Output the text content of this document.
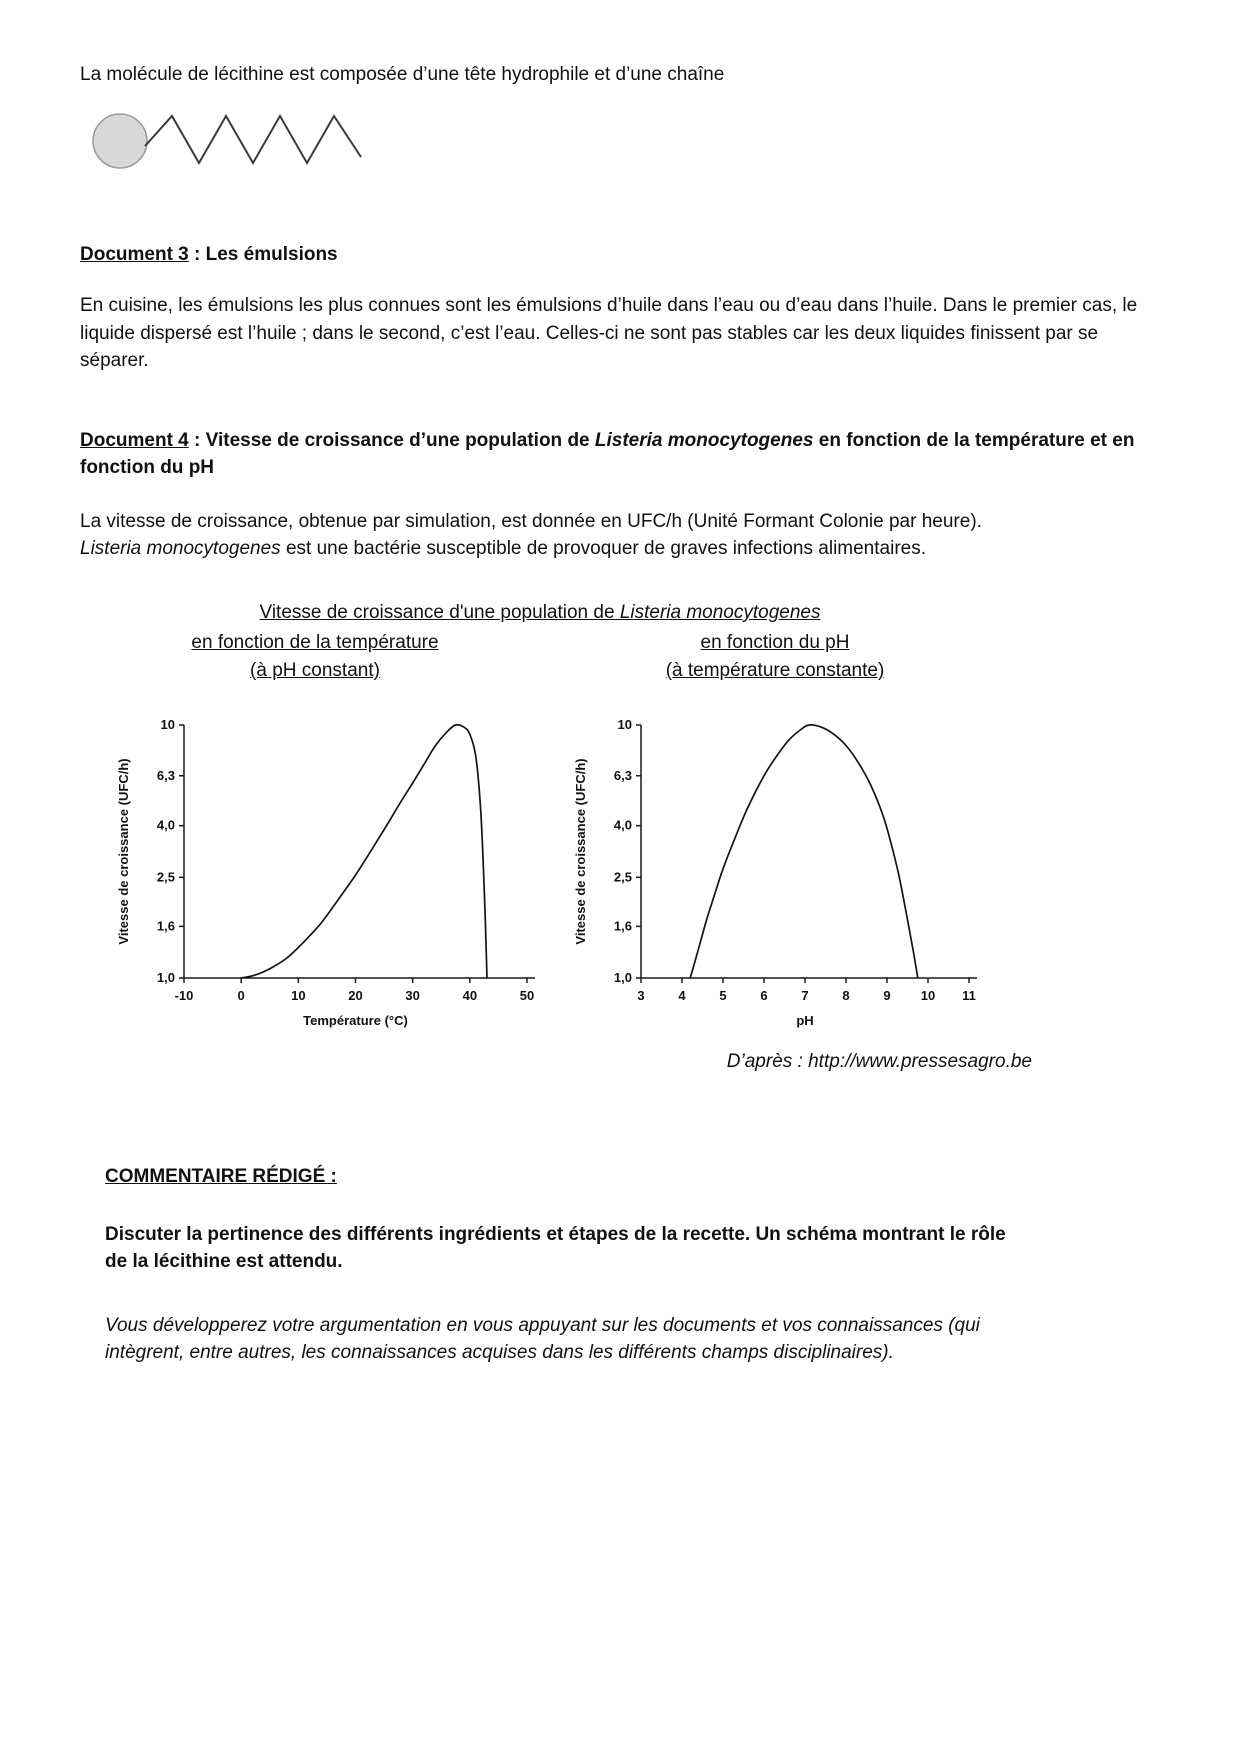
La molécule de lécithine est composée d’une tête hydrophile et d’une chaîne

Document 3 : Les émulsions

En cuisine, les émulsions les plus connues sont les émulsions d’huile dans l’eau ou d’eau dans l’huile. Dans le premier cas, le liquide dispersé est l’huile ; dans le second, c’est l’eau. Celles-ci ne sont pas stables car les deux liquides finissent par se séparer.

Document 4 : Vitesse de croissance d’une population de Listeria monocytogenes en fonction de la température et en fonction du pH

La vitesse de croissance, obtenue par simulation, est donnée en UFC/h (Unité Formant Colonie par heure).
Listeria monocytogenes est une bactérie susceptible de provoquer de graves infections alimentaires.

Vitesse de croissance d'une population de Listeria monocytogenes
en fonction de la température
(à pH constant)
en fonction du pH
(à température constante)
1,0
1,6
2,5
4,0
6,3
10
-10	0	10	20	30	40	50
Température (°C)
Vitesse de croissance (UFC/h)
1,0
1,6
2,5
4,0
6,3
10
3	4	5	6	7	8	9 10 11
pH
Vitesse de croissance (UFC/h)
D’après : http://www.pressesagro.be

COMMENTAIRE RÉDIGÉ :

Discuter la pertinence des différents ingrédients et étapes de la recette. Un schéma montrant le rôle de la lécithine est attendu.

Vous développerez votre argumentation en vous appuyant sur les documents et vos connaissances (qui intègrent, entre autres, les connaissances acquises dans les différents champs disciplinaires).
